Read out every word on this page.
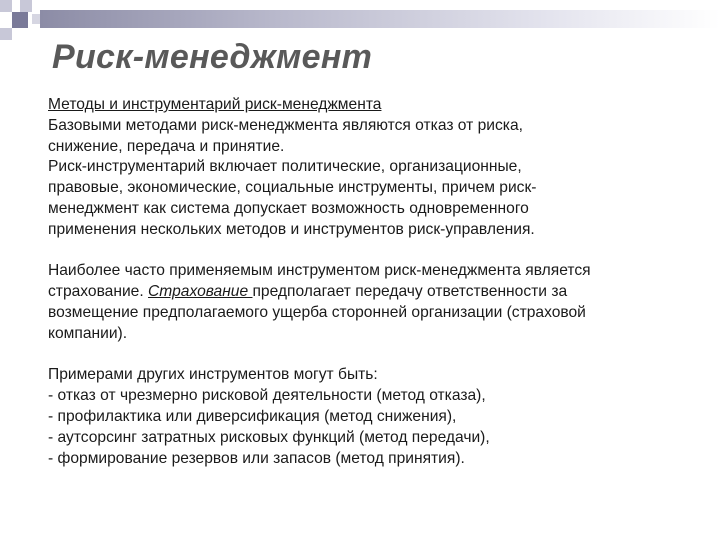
Риск-менеджмент

Методы и инструментарий риск-менеджмента

Базовыми методами риск-менеджмента являются отказ от риска,

снижение, передача и принятие.

Риск-инструментарий включает политические, организационные,

правовые, экономические, социальные инструменты, причем риск-

менеджмент как система допускает возможность одновременного

применения нескольких методов и инструментов риск-управления.

Наиболее часто применяемым инструментом риск-менеджмента является

страхование. Страхование предполагает передачу ответственности за

возмещение предполагаемого ущерба сторонней организации (страховой

компании).

Примерами других инструментов могут быть:

- отказ от чрезмерно рисковой деятельности (метод отказа),

- профилактика или диверсификация (метод снижения),

- аутсорсинг затратных рисковых функций (метод передачи),

- формирование резервов или запасов (метод принятия).
